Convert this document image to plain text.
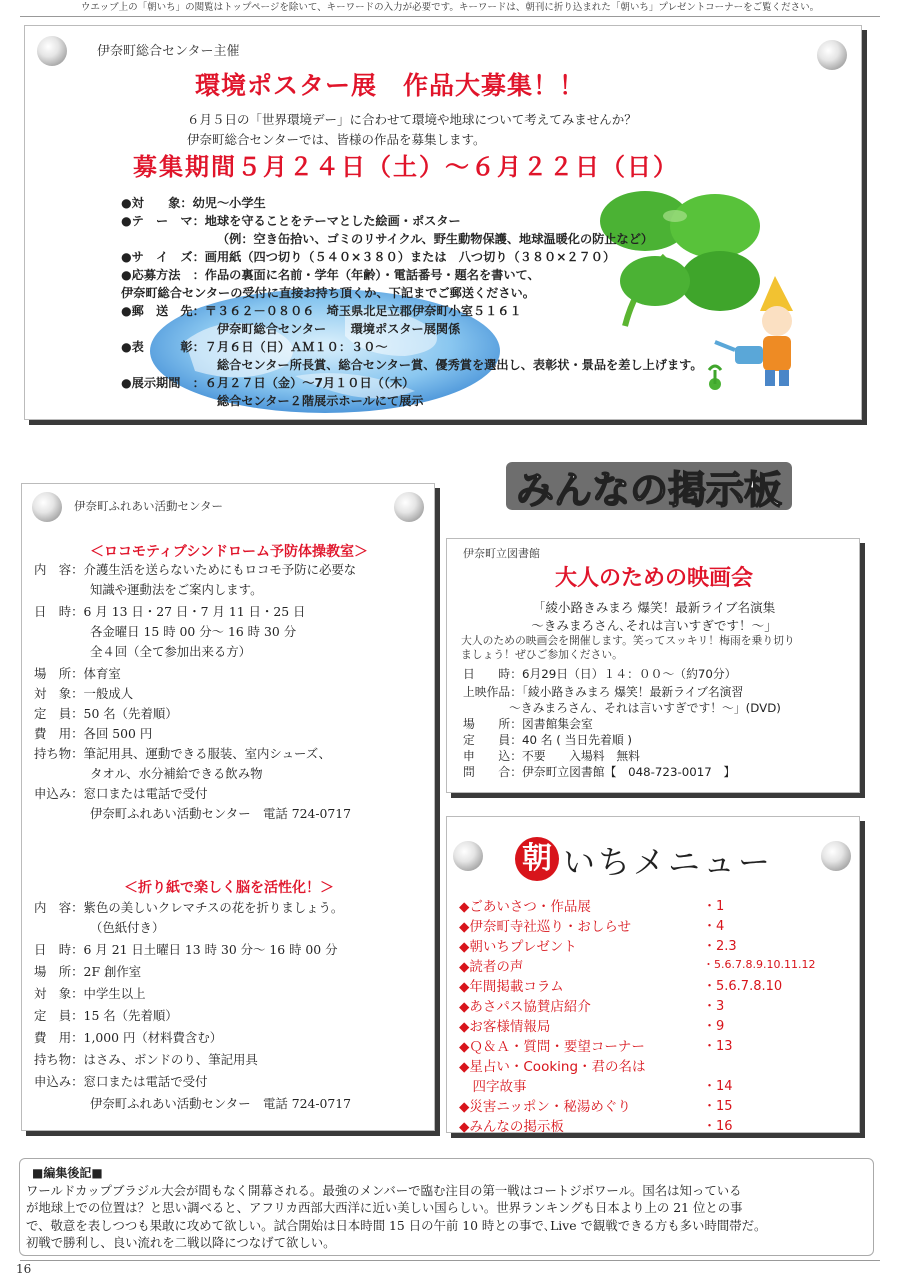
ウエッブ上の「朝いち」の閲覧はトップページを除いて、キーワードの入力が必要です。キーワードは、朝刊に折り込まれた「朝いち」プレゼントコーナーをご覧ください。
伊奈町総合センター主催
環境ポスター展　作品大募集！！
６月５日の「世界環境デー」に合わせて環境や地球について考えてみませんか？
伊奈町総合センターでは、皆様の作品を募集します。
募集期間５月２４日（土）～６月２２日（日）
●対　　象：幼児～小学生
●テ　ー　マ：地球を守ることをテーマとした絵画・ポスター
（例：空き缶拾い、ゴミのリサイクル、野生動物保護、地球温暖化の防止など）
●サ　イ　ズ：画用紙（四つ切り（５４０×３８０）または　八つ切り（３８０×２７０）
●応募方法　：作品の裏面に名前・学年（年齢）・電話番号・題名を書いて、
伊奈町総合センターの受付に直接お持ち頂くか、下記までご郵送ください。
●郵　送　先：〒３６２－０８０６　埼玉県北足立郡伊奈町小室５１６１
伊奈町総合センター　　環境ポスター展関係
●表　　　彰：７月６日（日）ＡＭ１０：３０～
総合センター所長賞、総合センター賞、優秀賞を選出し、表彰状・景品を差し上げます。
●展示期間　：６月２７日（金）～7月１０日（（木）
総合センター２階展示ホールにて展示
伊奈町ふれあい活動センター
＜ロコモティブシンドローム予防体操教室＞
内　容：介護生活を送らないためにもロコモ予防に必要な
知識や運動法をご案内します。
日　時：6 月 13 日・27 日・7 月 11 日・25 日
各金曜日 15 時 00 分～ 16 時 30 分
全４回（全て参加出来る方）
場　所：体育室
対　象：一般成人
定　員：50 名（先着順）
費　用：各回 500 円
持ち物：筆記用具、運動できる服装、室内シューズ、
タオル、水分補給できる飲み物
申込み：窓口または電話で受付
伊奈町ふれあい活動センター　電話 724-0717
＜折り紙で楽しく脳を活性化！＞
内　容：紫色の美しいクレマチスの花を折りましょう。
（色紙付き）
日　時：6 月 21 日土曜日 13 時 30 分～ 16 時 00 分
場　所：2F 創作室
対　象：中学生以上
定　員：15 名（先着順）
費　用：1,000 円（材料費含む）
持ち物：はさみ、ボンドのり、筆記用具
申込み：窓口または電話で受付
伊奈町ふれあい活動センター　電話 724-0717
みんなの掲示板
伊奈町立図書館
大人のための映画会
「綾小路きみまろ 爆笑！最新ライブ名演集
～きみまろさん､それは言いすぎです！～」
大人のための映画会を開催します。笑ってスッキリ！梅雨を乗り切り
ましょう！ぜひご参加ください。
日　　時：6月29日（日）１４：００～（約70分）
上映作品：「綾小路きみまろ 爆笑！最新ライブ名演習
～きみまろさん、それは言いすぎです！～」(DVD)
場　　所：図書館集会室
定　　員：40 名 ( 当日先着順 )
申　　込：不要　　入場料　無料
問　　合：伊奈町立図書館【　048-723-0017　】
朝 いちメニュー
◆ごあいさつ・作品展	・1
◆伊奈町寺社巡り・おしらせ	・4
◆朝いちプレゼント	・2.3
◆読者の声	・5.6.7.8.9.10.11.12
◆年間掲載コラム	・5.6.7.8.10
◆あさパス協賛店紹介	・3
◆お客様情報局	・9
◆Ｑ＆Ａ・質問・要望コーナー	・13
◆星占い・Cooking・君の名は
　四字故事	・14
◆災害ニッポン・秘湯めぐり	・15
◆みんなの掲示板	・16
■編集後記■
ワールドカップブラジル大会が間もなく開幕される。最強のメンバーで臨む注目の第一戦はコートジボワール。国名は知っている
が地球上での位置は？と思い調べると、アフリカ西部大西洋に近い美しい国らしい。世界ランキングも日本より上の 21 位との事
で、敬意を表しつつも果敢に攻めて欲しい。試合開始は日本時間 15 日の午前 10 時との事で､Live で観戦できる方も多い時間帯だ。
初戦で勝利し、良い流れを二戦以降につなげて欲しい。
16
